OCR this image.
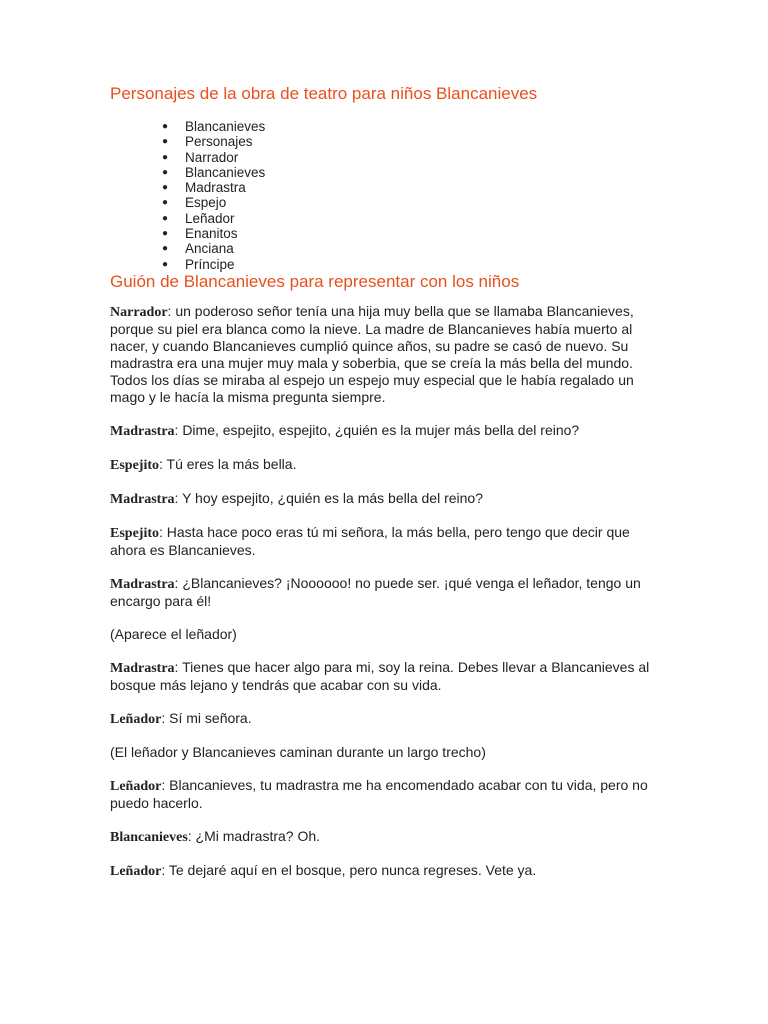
Personajes de la obra de teatro para niños Blancanieves
● Blancanieves
● Personajes
● Narrador
● Blancanieves
● Madrastra
● Espejo
● Leñador
● Enanitos
● Anciana
● Príncipe
Guión de Blancanieves para representar con los niños

Narrador: un poderoso señor tenía una hija muy bella que se llamaba Blancanieves, porque su piel era blanca como la nieve. La madre de Blancanieves había muerto al nacer, y cuando Blancanieves cumplió quince años, su padre se casó de nuevo. Su madrastra era una mujer muy mala y soberbia, que se creía la más bella del mundo. Todos los días se miraba al espejo un espejo muy especial que le había regalado un mago y le hacía la misma pregunta siempre.

Madrastra: Dime, espejito, espejito, ¿quién es la mujer más bella del reino?

Espejito: Tú eres la más bella.

Madrastra: Y hoy espejito, ¿quién es la más bella del reino?

Espejito: Hasta hace poco eras tú mi señora, la más bella, pero tengo que decir que ahora es Blancanieves.

Madrastra: ¿Blancanieves? ¡Noooooo! no puede ser. ¡qué venga el leñador, tengo un encargo para él!

(Aparece el leñador)

Madrastra: Tienes que hacer algo para mi, soy la reina. Debes llevar a Blancanieves al bosque más lejano y tendrás que acabar con su vida.

Leñador: Sí mi señora.

(El leñador y Blancanieves caminan durante un largo trecho)

Leñador: Blancanieves, tu madrastra me ha encomendado acabar con tu vida, pero no puedo hacerlo.

Blancanieves: ¿Mi madrastra? Oh.

Leñador: Te dejaré aquí en el bosque, pero nunca regreses. Vete ya.
